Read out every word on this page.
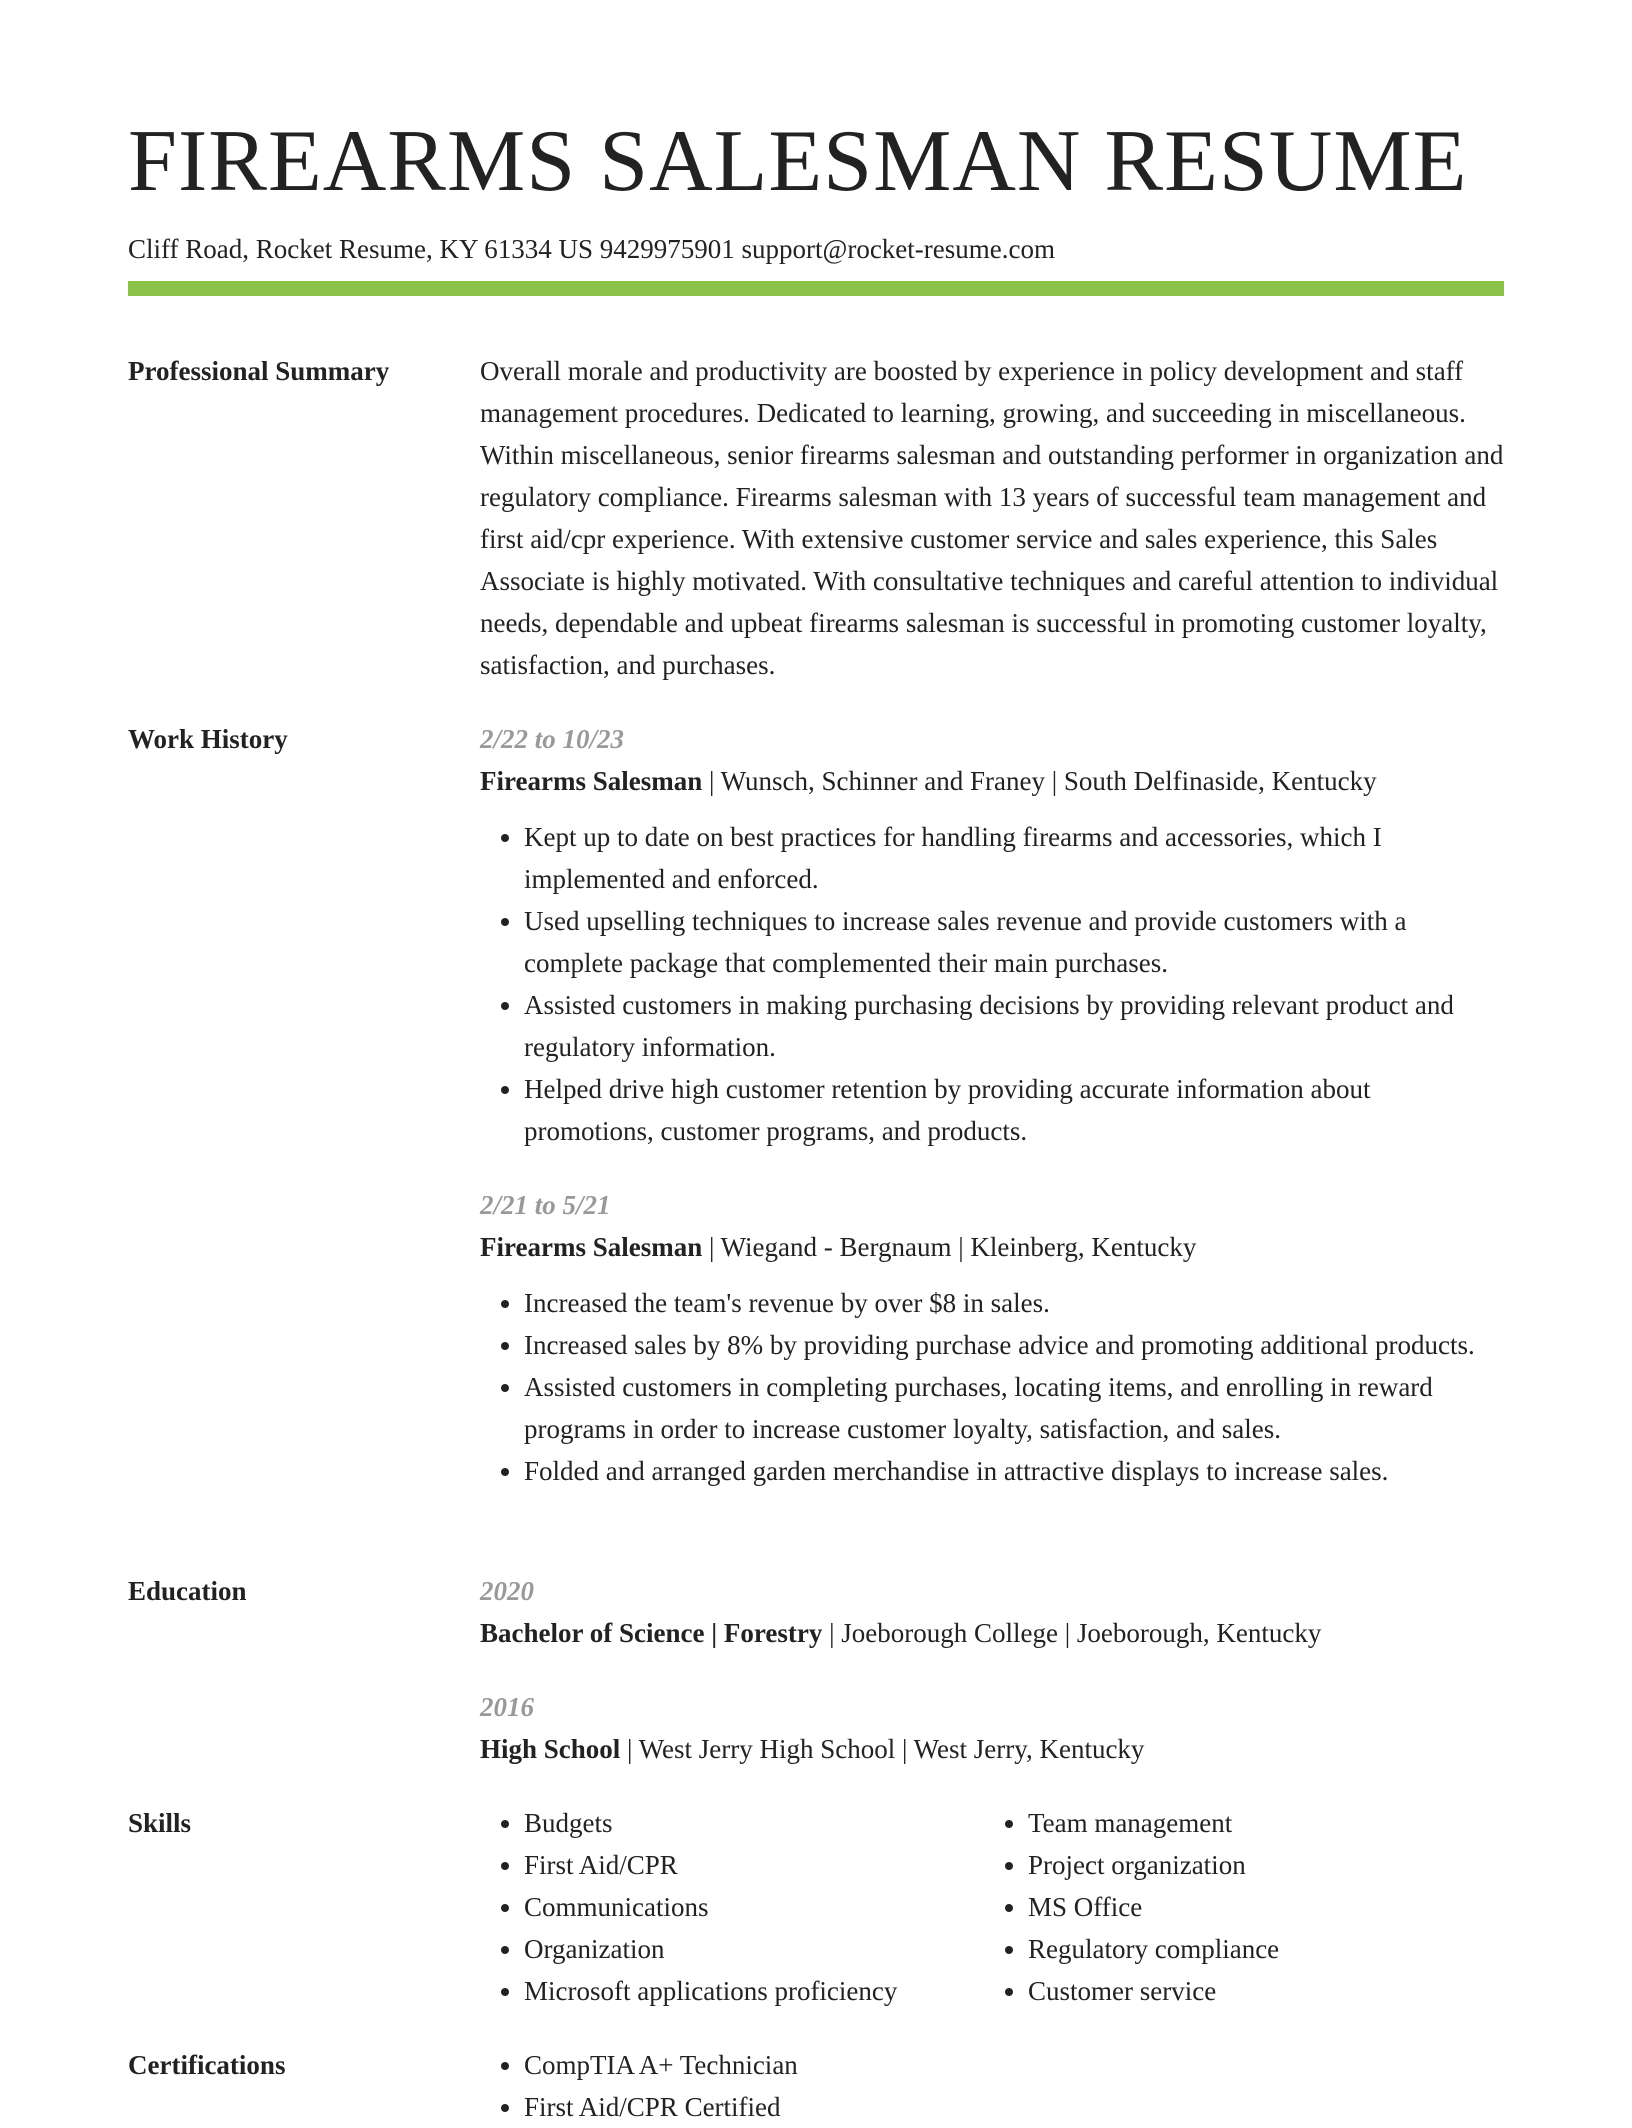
FIREARMS SALESMAN RESUME
Cliff Road, Rocket Resume, KY 61334 US 9429975901 support@rocket-resume.com
Professional Summary	Overall morale and productivity are boosted by experience in policy development and staff management procedures. Dedicated to learning, growing, and succeeding in miscellaneous. Within miscellaneous, senior firearms salesman and outstanding performer in organization and regulatory compliance. Firearms salesman with 13 years of successful team management and first aid/cpr experience. With extensive customer service and sales experience, this Sales Associate is highly motivated. With consultative techniques and careful attention to individual needs, dependable and upbeat firearms salesman is successful in promoting customer loyalty, satisfaction, and purchases.

Work History	2/22 to 10/23

Firearms Salesman | Wunsch, Schinner and Franey | South Delfinaside, Kentucky

• Kept up to date on best practices for handling firearms and accessories, which I implemented and enforced.
• Used upselling techniques to increase sales revenue and provide customers with a complete package that complemented their main purchases.
• Assisted customers in making purchasing decisions by providing relevant product and regulatory information.
• Helped drive high customer retention by providing accurate information about promotions, customer programs, and products.

2/21 to 5/21

Firearms Salesman | Wiegand - Bergnaum | Kleinberg, Kentucky

• Increased the team's revenue by over $8 in sales.
• Increased sales by 8% by providing purchase advice and promoting additional products.
• Assisted customers in completing purchases, locating items, and enrolling in reward programs in order to increase customer loyalty, satisfaction, and sales.
• Folded and arranged garden merchandise in attractive displays to increase sales.
Education	2020

Bachelor of Science | Forestry | Joeborough College | Joeborough, Kentucky

2016

High School | West Jerry High School | West Jerry, Kentucky

Skills	• Budgets
• First Aid/CPR
• Communications
• Organization
• Microsoft applications proficiency
• Team management
• Project organization
• MS Office
• Regulatory compliance
• Customer service
Certifications	• CompTIA A+ Technician
• First Aid/CPR Certified
